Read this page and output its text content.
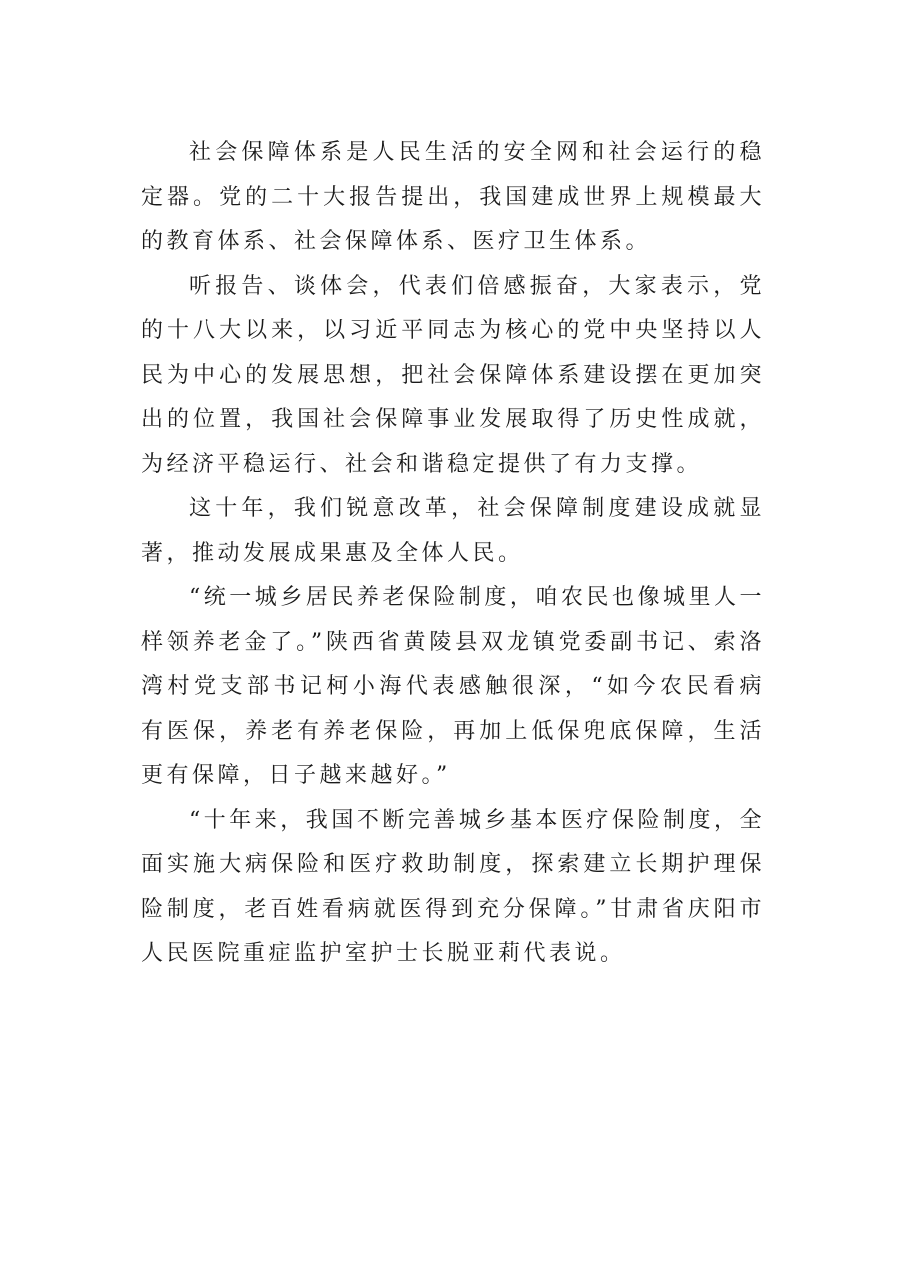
社会保障体系是人民生活的安全网和社会运行的稳定器。党的二十大报告提出，我国建成世界上规模最大的教育体系、社会保障体系、医疗卫生体系。

听报告、谈体会，代表们倍感振奋，大家表示，党的十八大以来，以习近平同志为核心的党中央坚持以人民为中心的发展思想，把社会保障体系建设摆在更加突出的位置，我国社会保障事业发展取得了历史性成就，为经济平稳运行、社会和谐稳定提供了有力支撑。

这十年，我们锐意改革，社会保障制度建设成就显著，推动发展成果惠及全体人民。

“统一城乡居民养老保险制度，咱农民也像城里人一样领养老金了。”陕西省黄陵县双龙镇党委副书记、索洛湾村党支部书记柯小海代表感触很深，“如今农民看病有医保，养老有养老保险，再加上低保兜底保障，生活更有保障，日子越来越好。”

“十年来，我国不断完善城乡基本医疗保险制度，全面实施大病保险和医疗救助制度，探索建立长期护理保险制度，老百姓看病就医得到充分保障。”甘肃省庆阳市人民医院重症监护室护士长脱亚莉代表说。
